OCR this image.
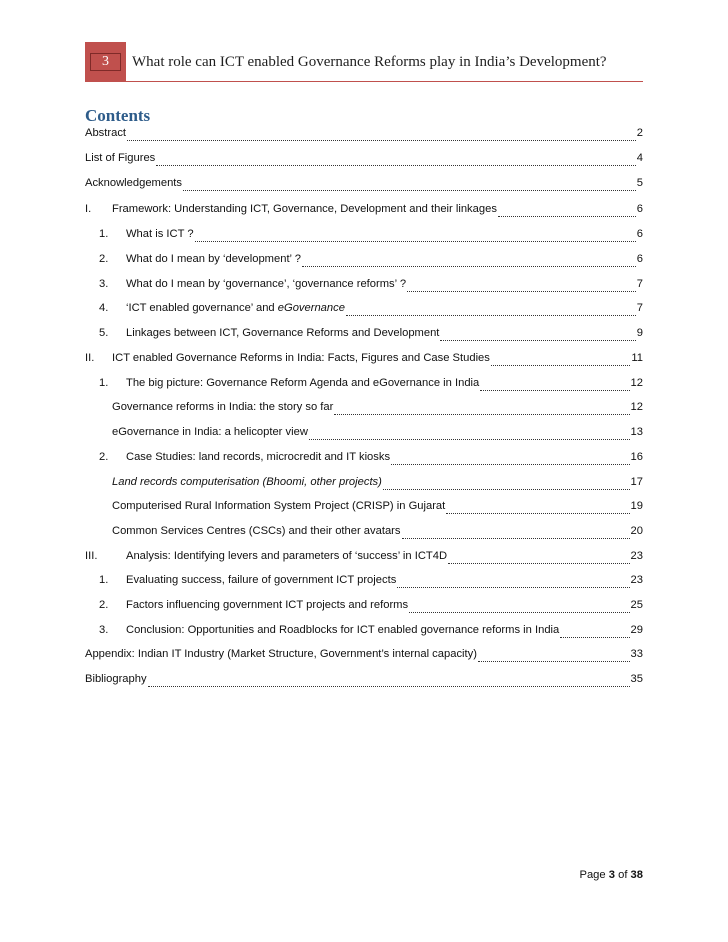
3	What role can ICT enabled Governance Reforms play in India’s Development?
Contents
Abstract	2
List of Figures	4
Acknowledgements	5
I.	Framework: Understanding ICT, Governance, Development and their linkages	6
1.	What is ICT ?	6
2.	What do I mean by ‘development’ ?	6
3.	What do I mean by ‘governance’, ‘governance reforms’ ?	7
4.	‘ICT enabled governance’ and eGovernance	7
5.	Linkages between ICT, Governance Reforms and Development	9
II.	ICT enabled Governance Reforms in India: Facts, Figures and Case Studies	11
1.	The big picture: Governance Reform Agenda and eGovernance in India	12
Governance reforms in India: the story so far	12
eGovernance in India: a helicopter view	13
2.	Case Studies: land records, microcredit and IT kiosks	16
Land records computerisation (Bhoomi, other projects)	17
Computerised Rural Information System Project (CRISP) in Gujarat	19
Common Services Centres (CSCs) and their other avatars	20
III.	Analysis: Identifying levers and parameters of ‘success’ in ICT4D	23
1.	Evaluating success, failure of government ICT projects	23
2.	Factors influencing government ICT projects and reforms	25
3.	Conclusion: Opportunities and Roadblocks for ICT enabled governance reforms in India	29
Appendix: Indian IT Industry (Market Structure, Government’s internal capacity)	33
Bibliography	35
Page 3 of 38
